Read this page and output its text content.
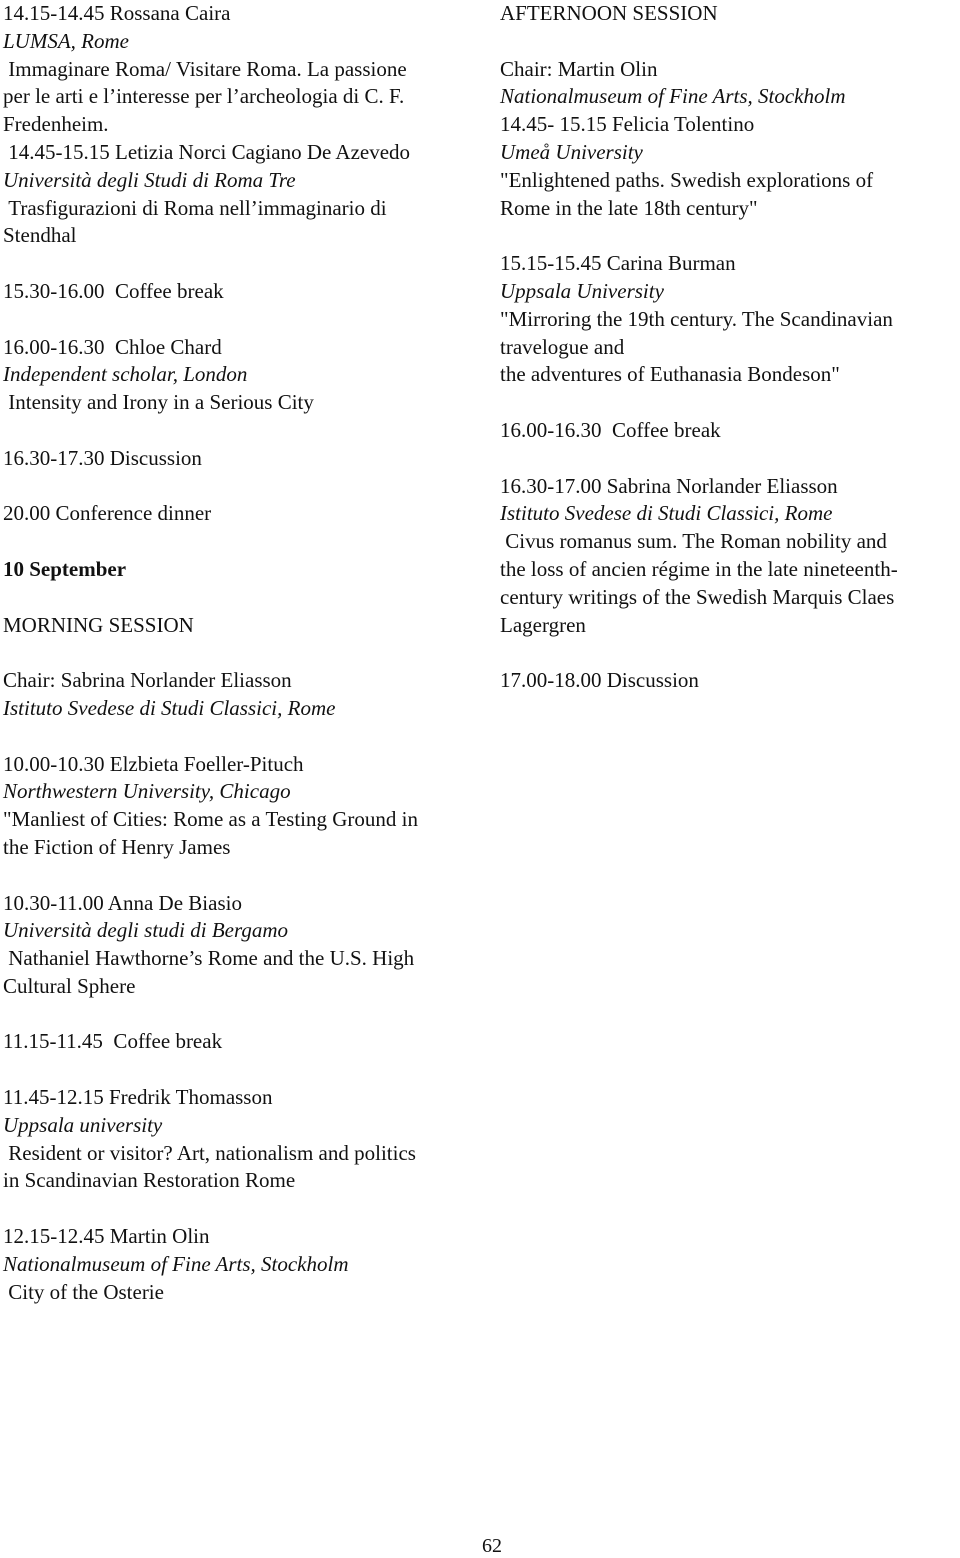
14.15-14.45 Rossana Caira
LUMSA, Rome
Immaginare Roma/ Visitare Roma. La passione
per le arti e l’interesse per l’archeologia di C. F.
Fredenheim.
14.45-15.15 Letizia Norci Cagiano De Azevedo
Università degli Studi di Roma Tre
Trasfigurazioni di Roma nell’immaginario di
Stendhal
15.30-16.00  Coffee break
16.00-16.30  Chloe Chard
Independent scholar, London
Intensity and Irony in a Serious City
16.30-17.30 Discussion
20.00 Conference dinner
10 September
MORNING SESSION
Chair: Sabrina Norlander Eliasson
Istituto Svedese di Studi Classici, Rome
10.00-10.30 Elzbieta Foeller-Pituch
Northwestern University, Chicago
"Manliest of Cities: Rome as a Testing Ground in
the Fiction of Henry James
10.30-11.00 Anna De Biasio
Università degli studi di Bergamo
Nathaniel Hawthorne’s Rome and the U.S. High
Cultural Sphere
11.15-11.45  Coffee break
11.45-12.15 Fredrik Thomasson
Uppsala university
Resident or visitor? Art, nationalism and politics
in Scandinavian Restoration Rome
12.15-12.45 Martin Olin
Nationalmuseum of Fine Arts, Stockholm
City of the Osterie
AFTERNOON SESSION
Chair: Martin Olin
Nationalmuseum of Fine Arts, Stockholm
14.45- 15.15 Felicia Tolentino
Umeå University
"Enlightened paths. Swedish explorations of
Rome in the late 18th century"
15.15-15.45 Carina Burman
Uppsala University
"Mirroring the 19th century. The Scandinavian
travelogue and
the adventures of Euthanasia Bondeson"
16.00-16.30  Coffee break
16.30-17.00 Sabrina Norlander Eliasson
Istituto Svedese di Studi Classici, Rome
Civus romanus sum. The Roman nobility and
the loss of ancien régime in the late nineteenth-
century writings of the Swedish Marquis Claes
Lagergren
17.00-18.00 Discussion
62
